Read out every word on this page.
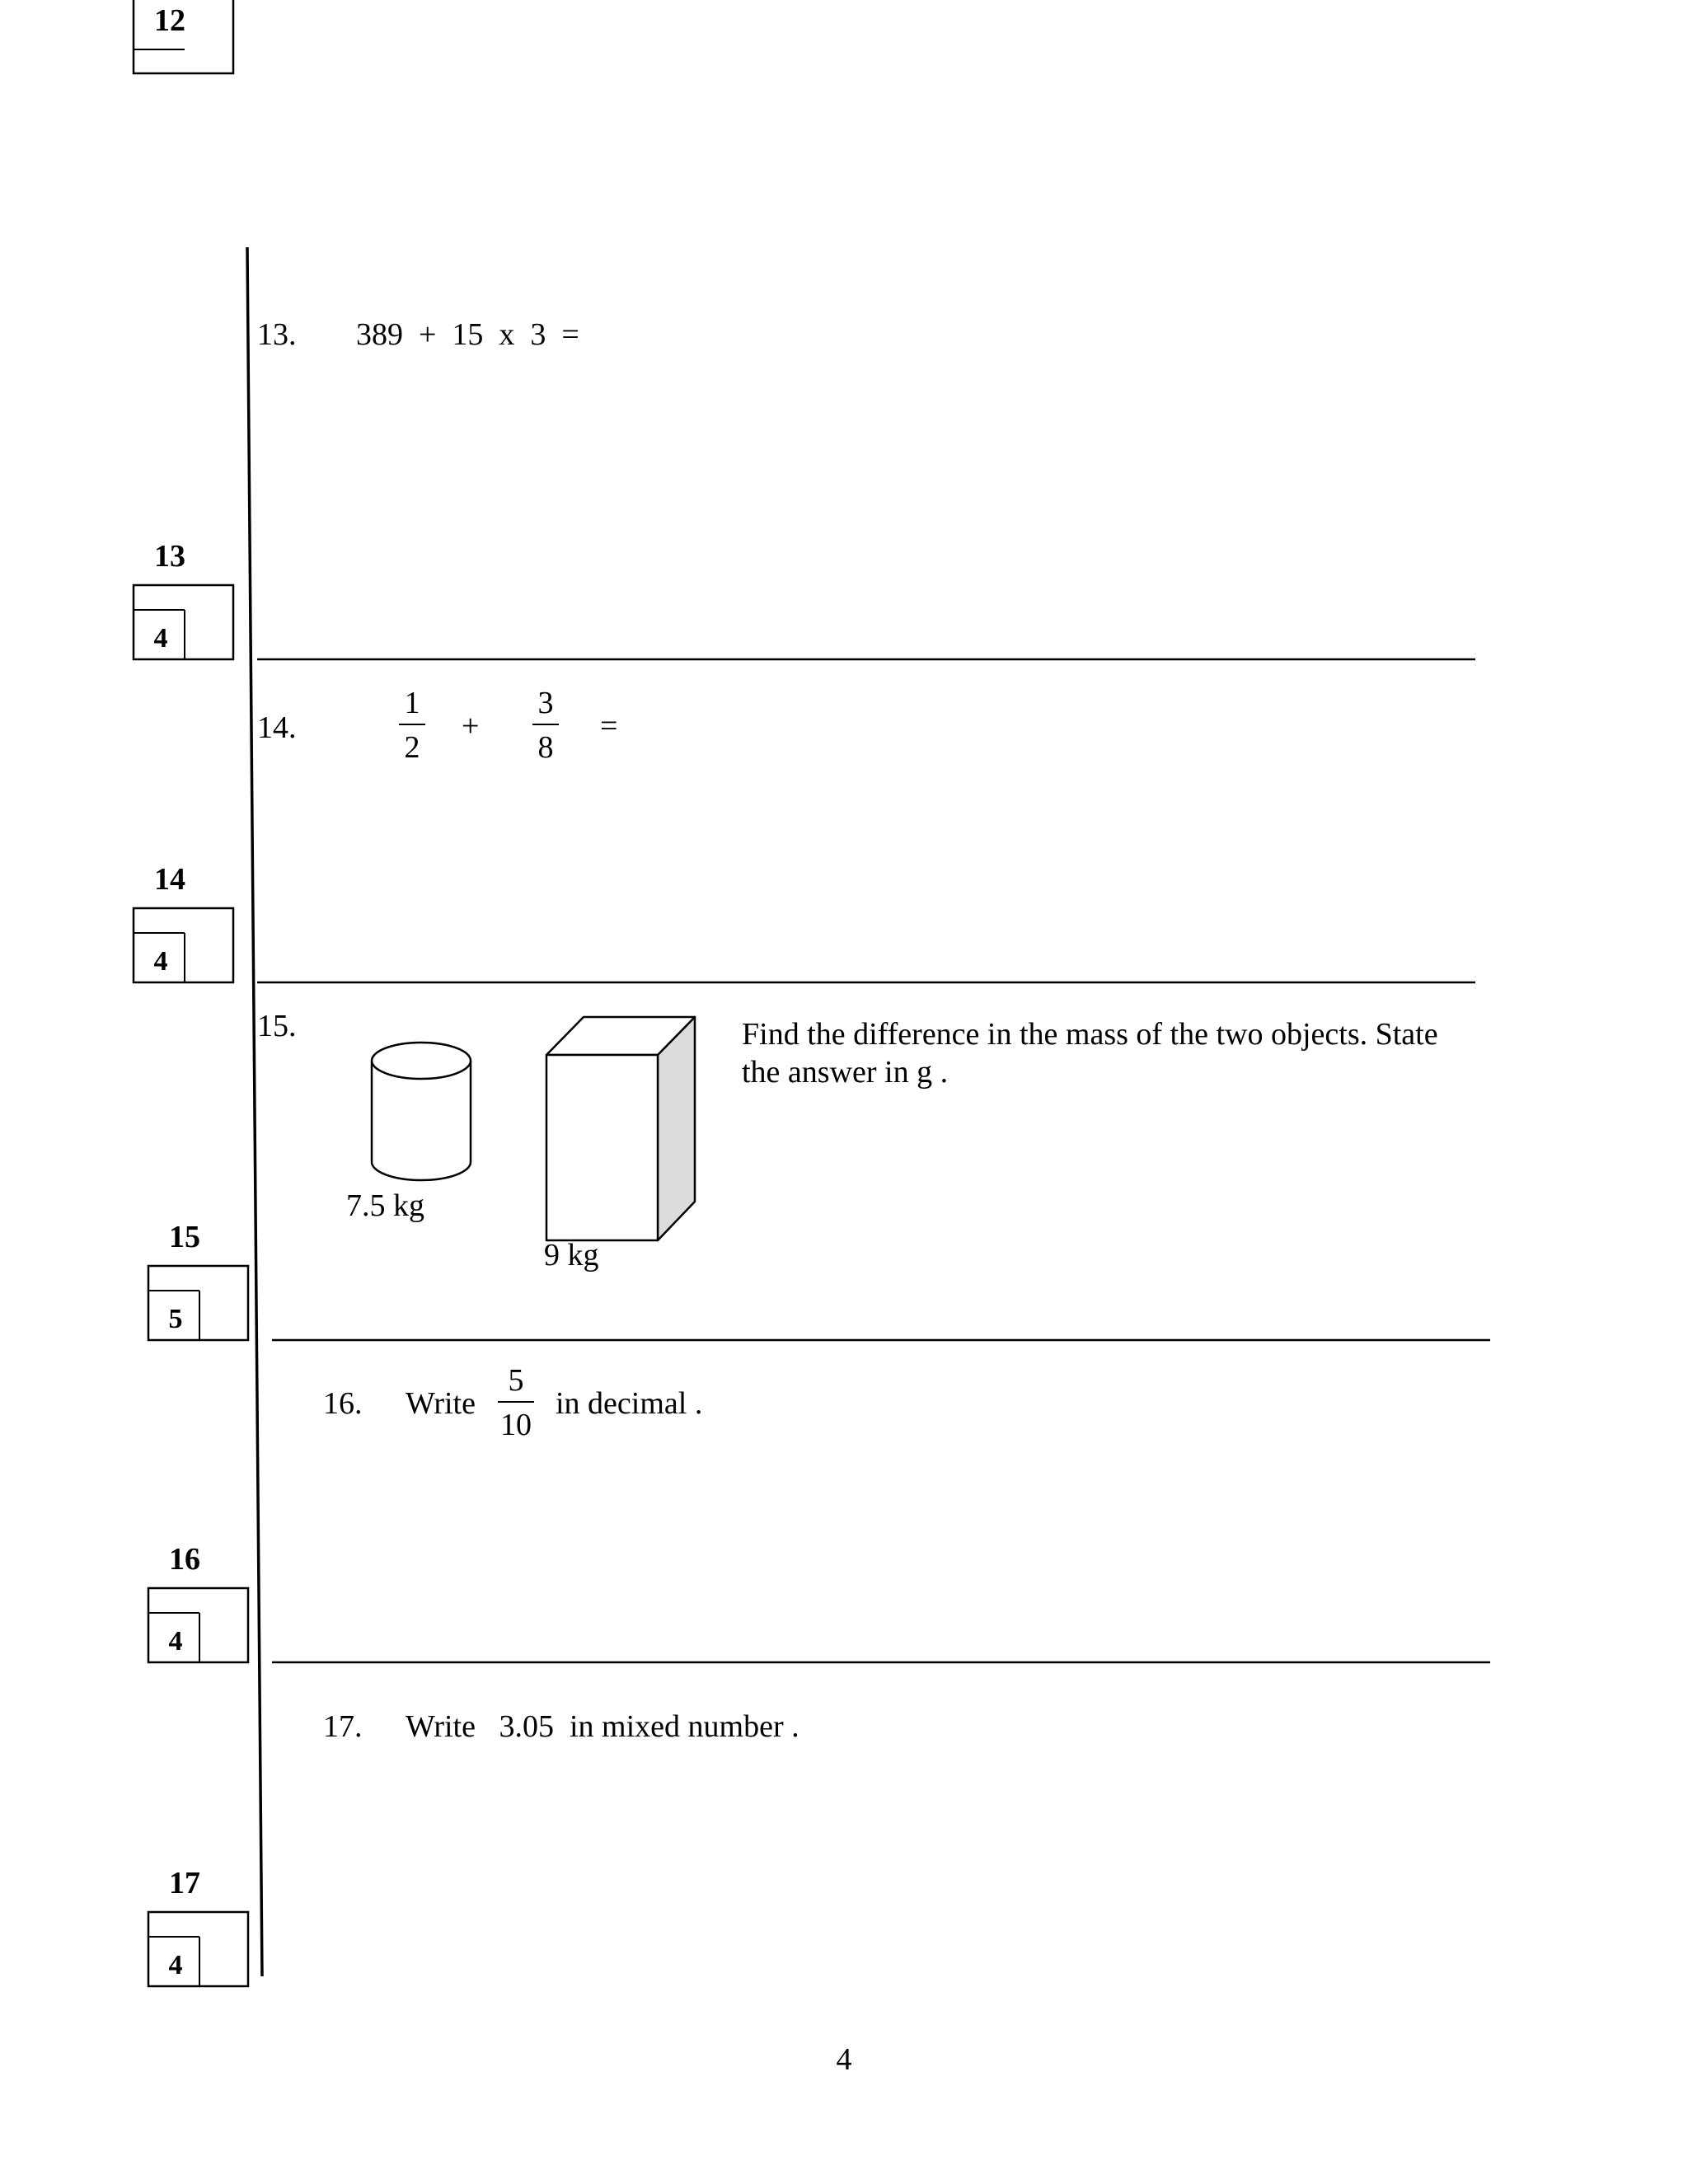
12
13
4
14
4
15
5
16
4
17
4
13. 389  +  15  x  3  =
14.
1
2
+
3
8
=
15.
7.5 kg
9 kg
Find the difference in the mass of the two objects. State
the answer in g .
16. Write
5
10
in decimal .
17. Write   3.05  in mixed number .
4
